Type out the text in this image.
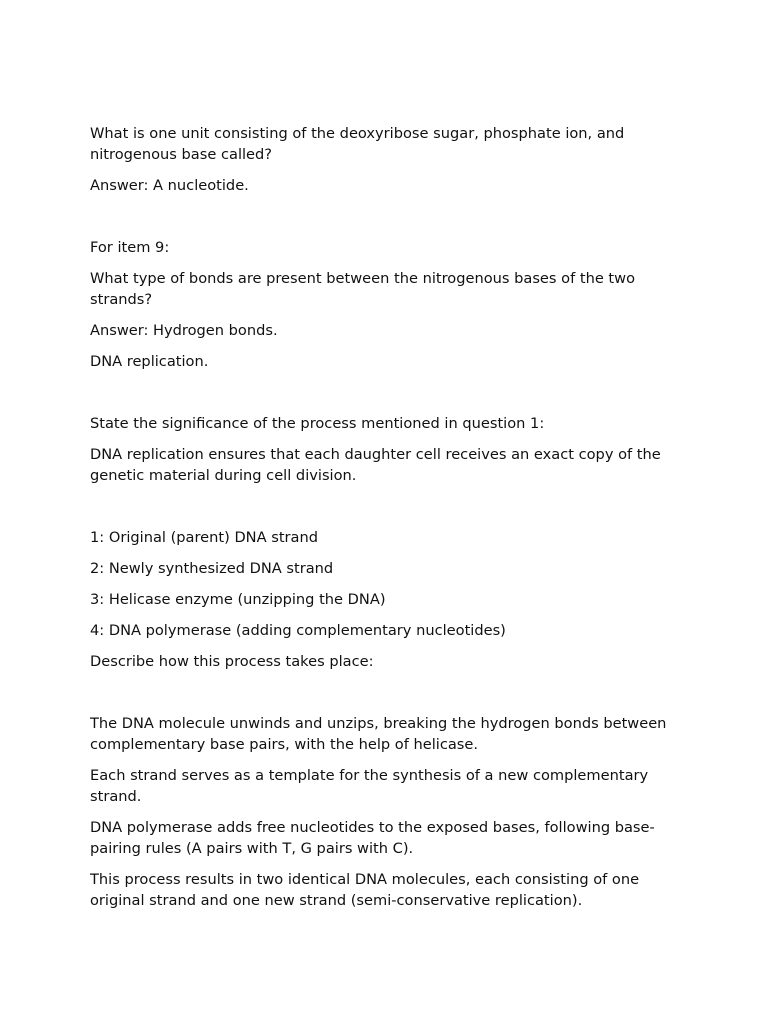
What is one unit consisting of the deoxyribose sugar, phosphate ion, and nitrogenous base called?

Answer: A nucleotide.

For item 9:

What type of bonds are present between the nitrogenous bases of the two strands?

Answer: Hydrogen bonds.

DNA replication.

State the significance of the process mentioned in question 1:

DNA replication ensures that each daughter cell receives an exact copy of the genetic material during cell division.

1: Original (parent) DNA strand

2: Newly synthesized DNA strand

3: Helicase enzyme (unzipping the DNA)

4: DNA polymerase (adding complementary nucleotides)

Describe how this process takes place:

The DNA molecule unwinds and unzips, breaking the hydrogen bonds between complementary base pairs, with the help of helicase.

Each strand serves as a template for the synthesis of a new complementary strand.

DNA polymerase adds free nucleotides to the exposed bases, following base-pairing rules (A pairs with T, G pairs with C).

This process results in two identical DNA molecules, each consisting of one original strand and one new strand (semi-conservative replication).
